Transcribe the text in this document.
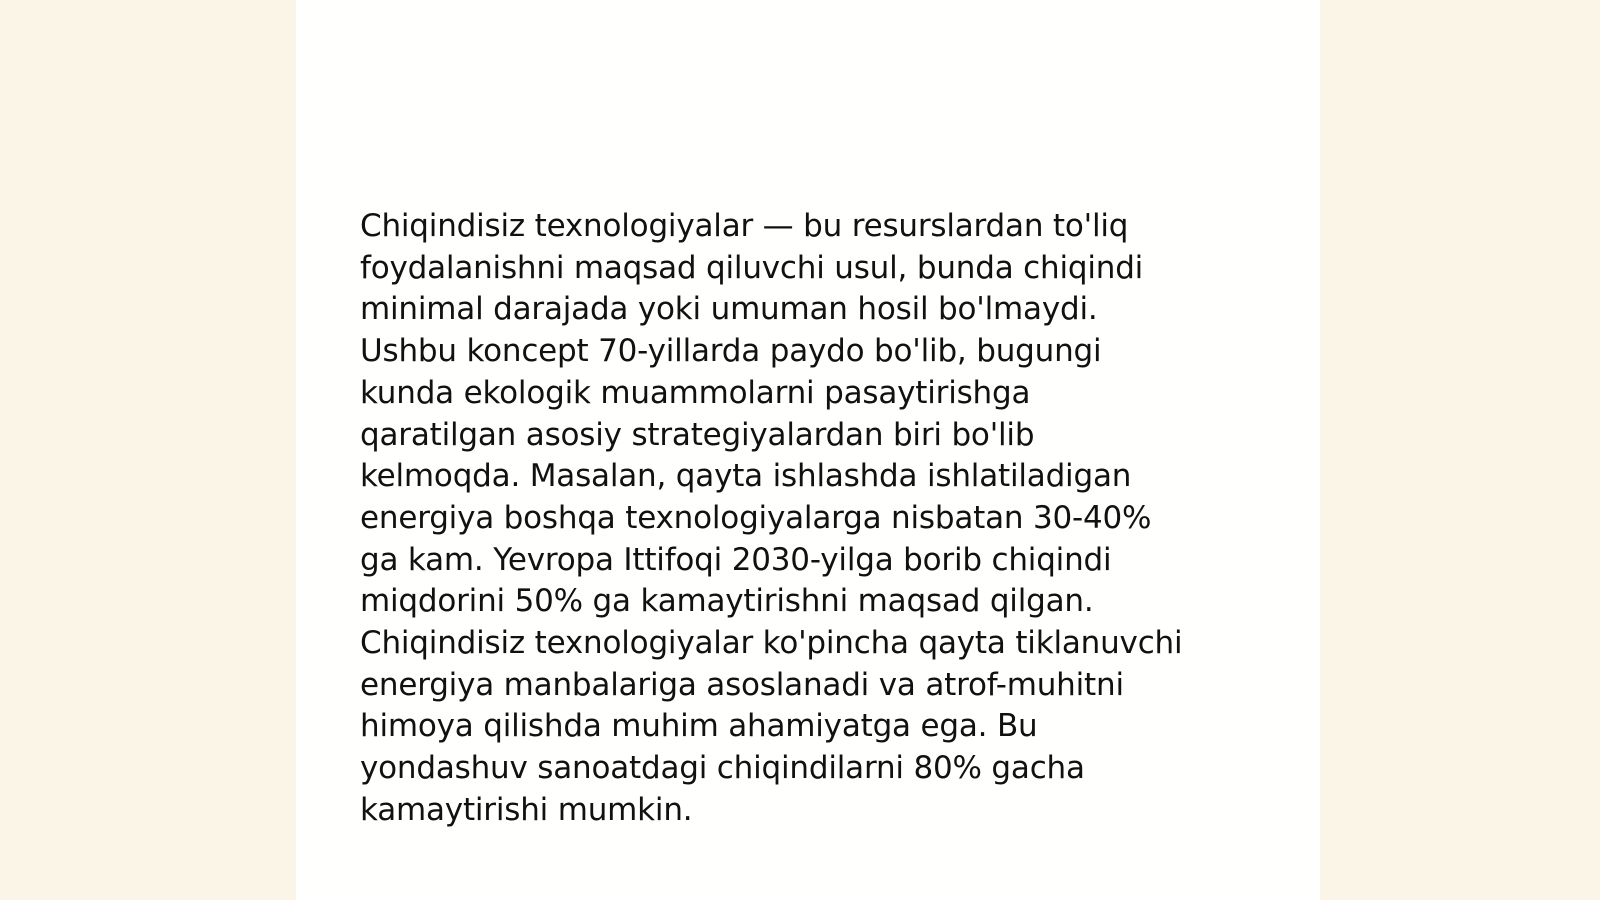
Chiqindisiz texnologiyalar — bu resurslardan to'liq
foydalanishni maqsad qiluvchi usul, bunda chiqindi
minimal darajada yoki umuman hosil bo'lmaydi.
Ushbu koncept 70-yillarda paydo bo'lib, bugungi
kunda ekologik muammolarni pasaytirishga
qaratilgan asosiy strategiyalardan biri bo'lib
kelmoqda. Masalan, qayta ishlashda ishlatiladigan
energiya boshqa texnologiyalarga nisbatan 30-40%
ga kam. Yevropa Ittifoqi 2030-yilga borib chiqindi
miqdorini 50% ga kamaytirishni maqsad qilgan.
Chiqindisiz texnologiyalar ko'pincha qayta tiklanuvchi
energiya manbalariga asoslanadi va atrof-muhitni
himoya qilishda muhim ahamiyatga ega. Bu
yondashuv sanoatdagi chiqindilarni 80% gacha
kamaytirishi mumkin.
